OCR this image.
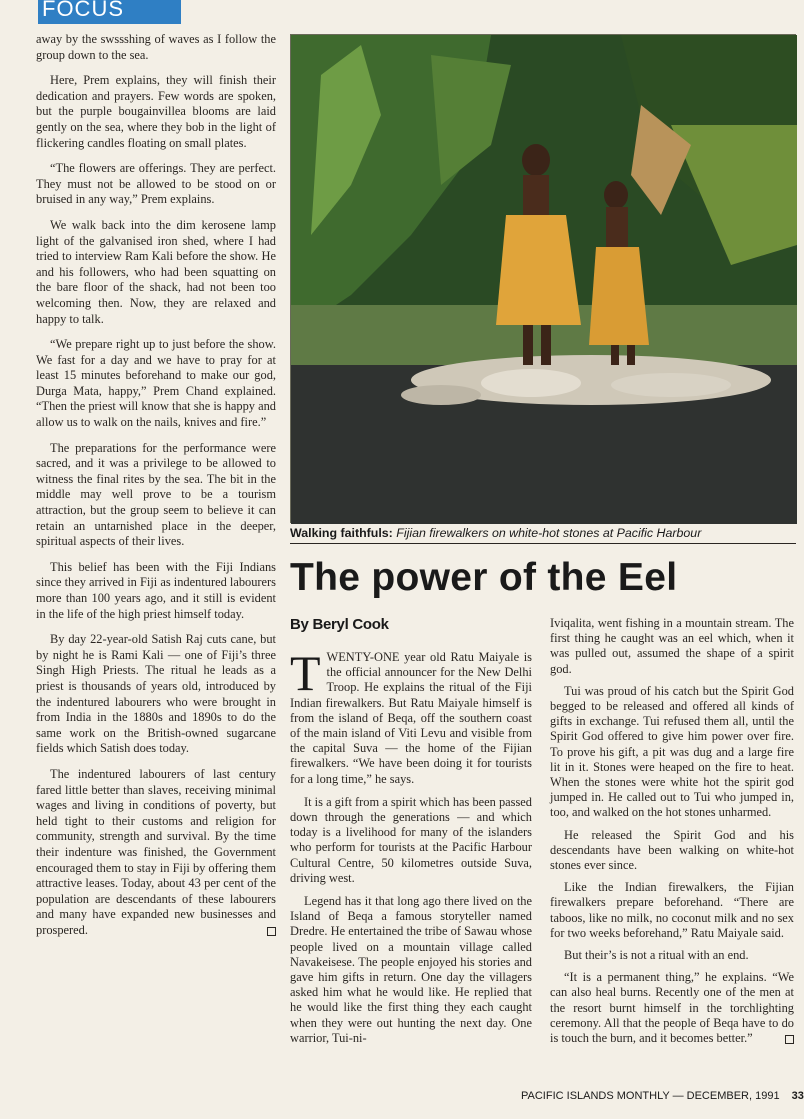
FOCUS

away by the swssshing of waves as I follow the group down to the sea.

Here, Prem explains, they will finish their dedication and prayers. Few words are spoken, but the purple bougainvillea blooms are laid gently on the sea, where they bob in the light of flickering candles floating on small plates.

“The flowers are offerings. They are perfect. They must not be allowed to be stood on or bruised in any way,” Prem explains.

We walk back into the dim kerosene lamp light of the galvanised iron shed, where I had tried to interview Ram Kali before the show. He and his followers, who had been squatting on the bare floor of the shack, had not been too welcoming then. Now, they are relaxed and happy to talk.

“We prepare right up to just before the show. We fast for a day and we have to pray for at least 15 minutes beforehand to make our god, Durga Mata, happy,” Prem Chand explained. “Then the priest will know that she is happy and allow us to walk on the nails, knives and fire.”

The preparations for the performance were sacred, and it was a privilege to be allowed to witness the final rites by the sea. The bit in the middle may well prove to be a tourism attraction, but the group seem to believe it can retain an untarnished place in the deeper, spiritual aspects of their lives.

This belief has been with the Fiji Indians since they arrived in Fiji as indentured labourers more than 100 years ago, and it still is evident in the life of the high priest himself today.

By day 22-year-old Satish Raj cuts cane, but by night he is Rami Kali — one of Fiji’s three Singh High Priests. The ritual he leads as a priest is thousands of years old, introduced by the indentured labourers who were brought in from India in the 1880s and 1890s to do the same work on the British-owned sugarcane fields which Satish does today.

The indentured labourers of last century fared little better than slaves, receiving minimal wages and living in conditions of poverty, but held tight to their customs and religion for community, strength and survival. By the time their indenture was finished, the Government encouraged them to stay in Fiji by offering them attractive leases. Today, about 43 per cent of the population are descendants of these labourers and many have expanded new businesses and prospered.

Walking faithfuls: Fijian firewalkers on white-hot stones at Pacific Harbour
The power of the Eel
By Beryl Cook

TWENTY-ONE year old Ratu Maiyale is the official announcer for the New Delhi Troop. He explains the ritual of the Fiji Indian firewalkers. But Ratu Maiyale himself is from the island of Beqa, off the southern coast of the main island of Viti Levu and visible from the capital Suva — the home of the Fijian firewalkers. “We have been doing it for tourists for a long time,” he says.

It is a gift from a spirit which has been passed down through the generations — and which today is a livelihood for many of the islanders who perform for tourists at the Pacific Harbour Cultural Centre, 50 kilometres outside Suva, driving west.

Legend has it that long ago there lived on the Island of Beqa a famous storyteller named Dredre. He entertained the tribe of Sawau whose people lived on a mountain village called Navakeisese. The people enjoyed his stories and gave him gifts in return. One day the villagers asked him what he would like. He replied that he would like the first thing they each caught when they were out hunting the next day. One warrior, Tui-ni-

Iviqalita, went fishing in a mountain stream. The first thing he caught was an eel which, when it was pulled out, assumed the shape of a spirit god.

Tui was proud of his catch but the Spirit God begged to be released and offered all kinds of gifts in exchange. Tui refused them all, until the Spirit God offered to give him power over fire. To prove his gift, a pit was dug and a large fire lit in it. Stones were heaped on the fire to heat. When the stones were white hot the spirit god jumped in. He called out to Tui who jumped in, too, and walked on the hot stones unharmed.

He released the Spirit God and his descendants have been walking on white-hot stones ever since.

Like the Indian firewalkers, the Fijian firewalkers prepare beforehand. “There are taboos, like no milk, no coconut milk and no sex for two weeks beforehand,” Ratu Maiyale said.

But their’s is not a ritual with an end.

“It is a permanent thing,” he explains. “We can also heal burns. Recently one of the men at the resort burnt himself in the torchlighting ceremony. All that the people of Beqa have to do is touch the burn, and it becomes better.”

PACIFIC ISLANDS MONTHLY — DECEMBER, 1991 33
